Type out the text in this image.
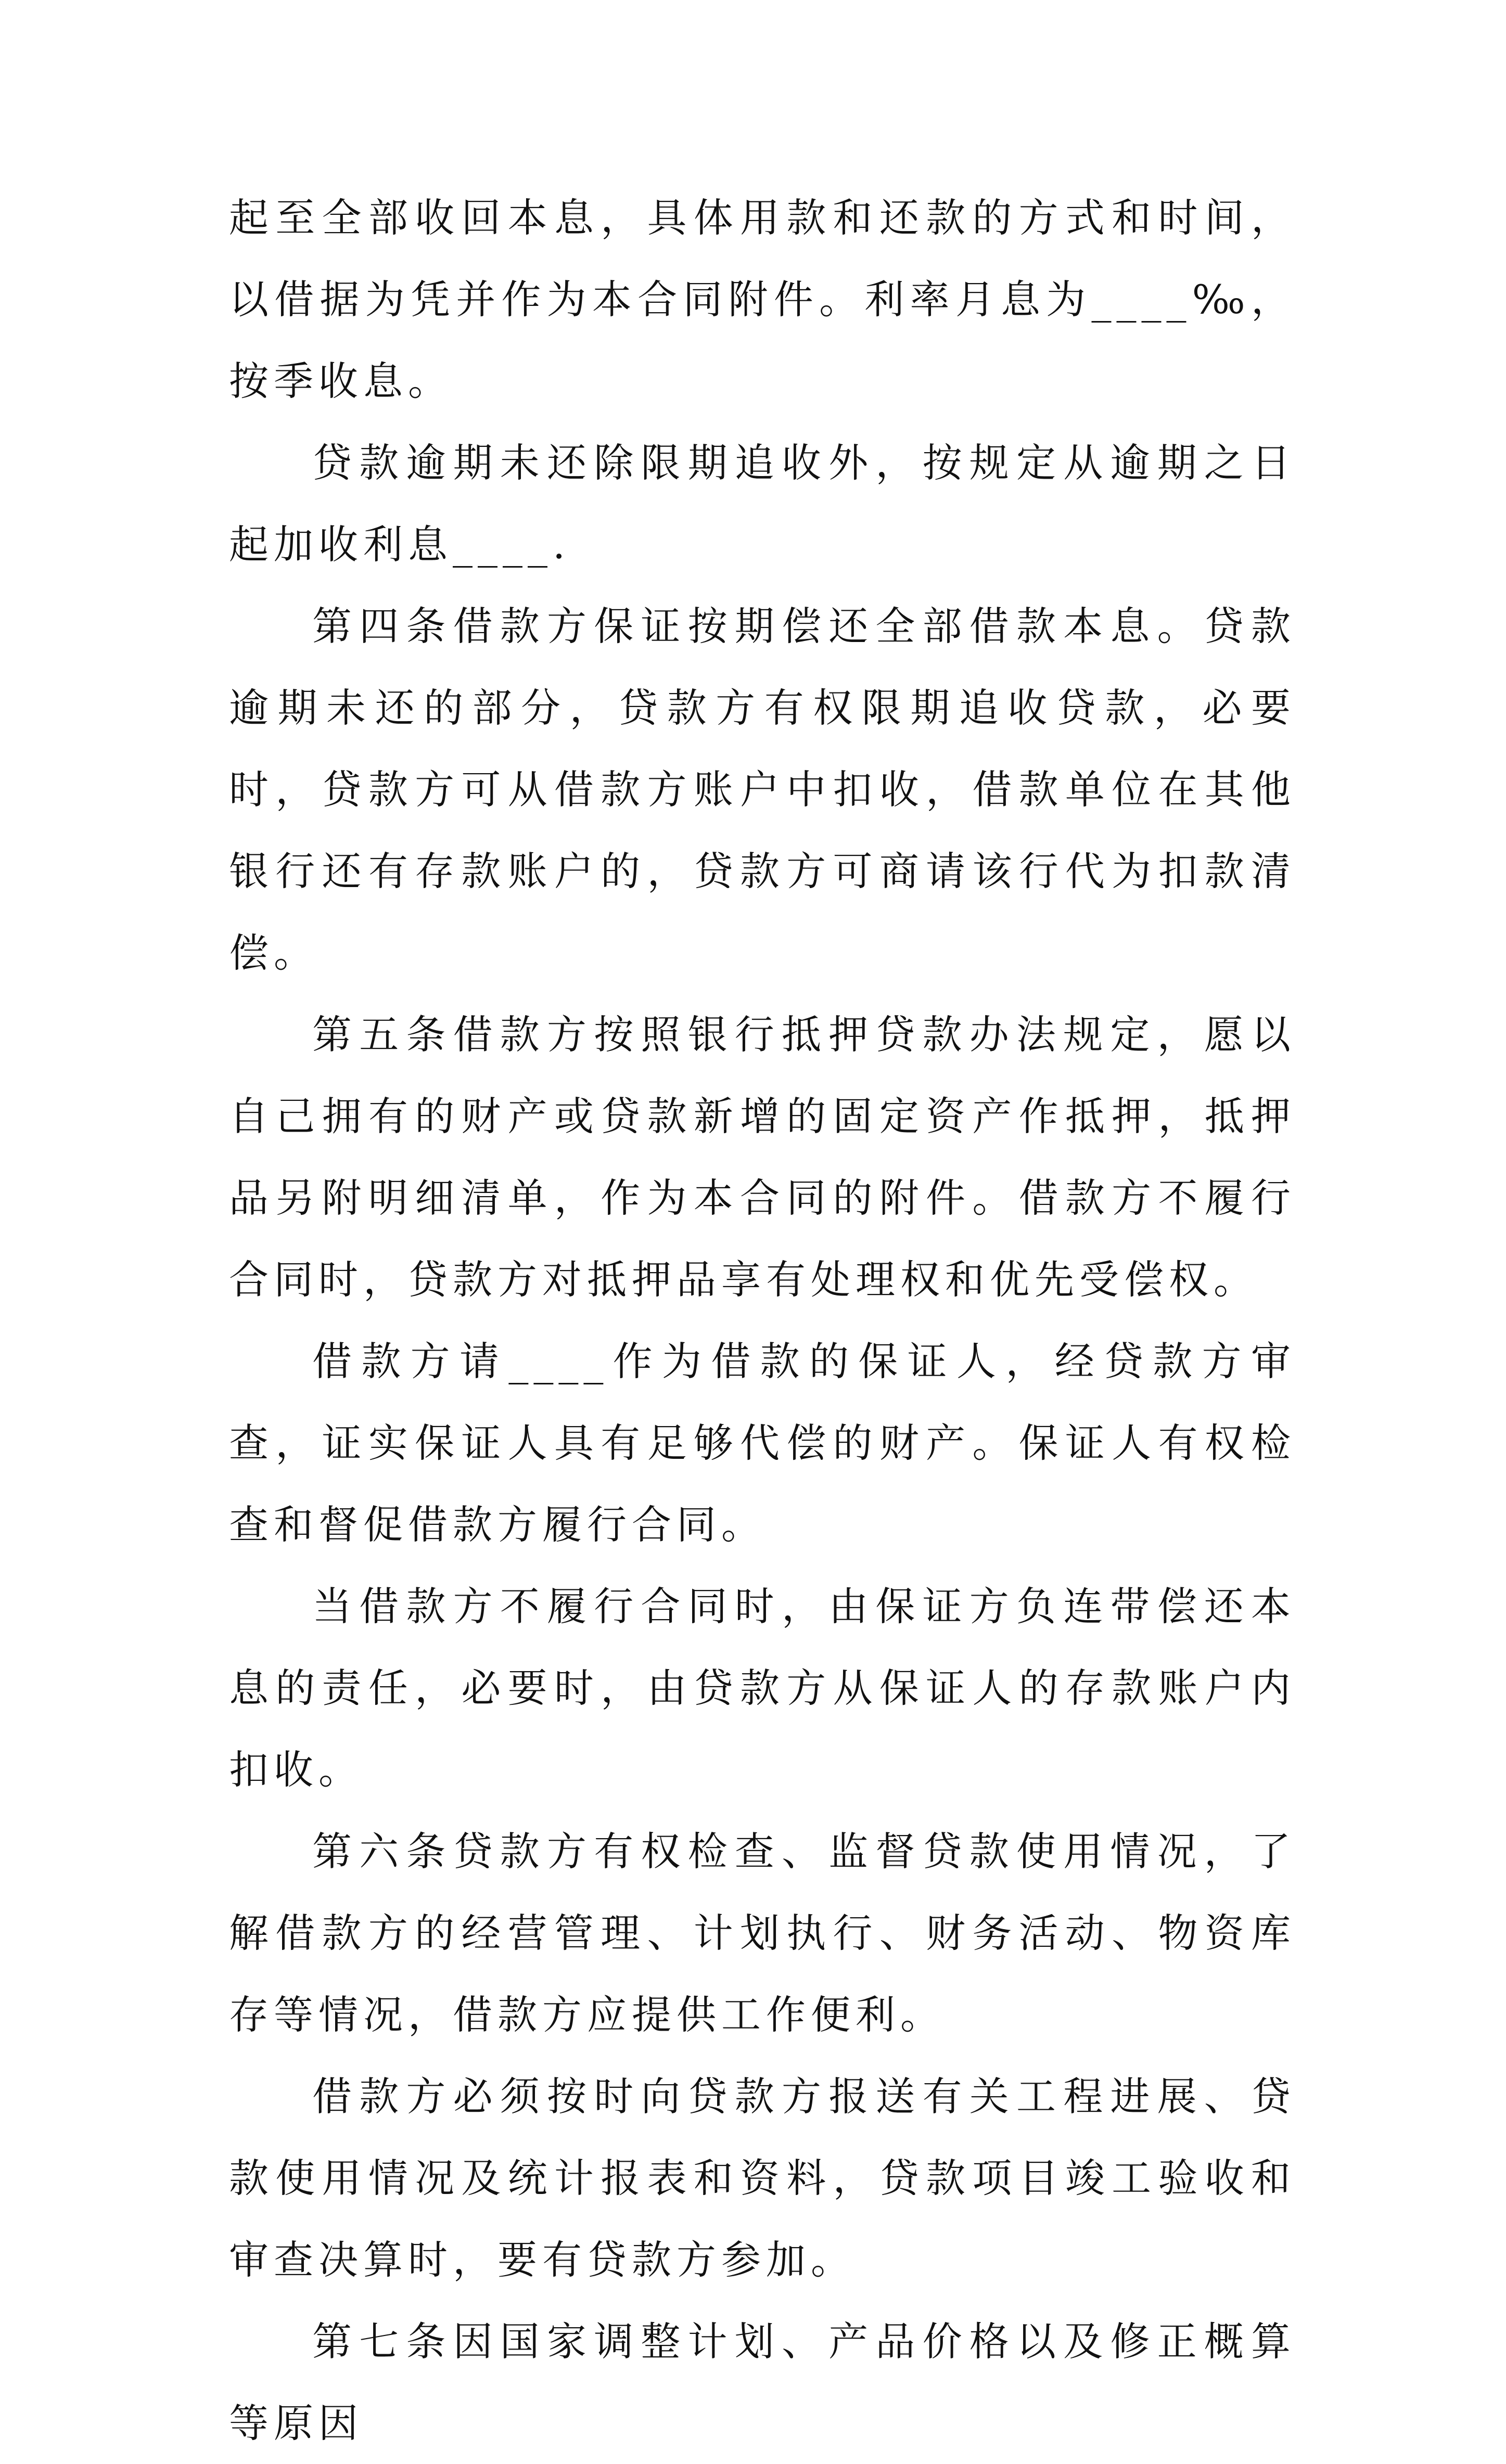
起至全部收回本息，具体用款和还款的方式和时间，以借据为凭并作为本合同附件。利率月息为____‰，按季收息。

贷款逾期未还除限期追收外，按规定从逾期之日起加收利息____.

第四条借款方保证按期偿还全部借款本息。贷款逾期未还的部分，贷款方有权限期追收贷款，必要时，贷款方可从借款方账户中扣收，借款单位在其他银行还有存款账户的，贷款方可商请该行代为扣款清偿。

第五条借款方按照银行抵押贷款办法规定，愿以自己拥有的财产或贷款新增的固定资产作抵押，抵押品另附明细清单，作为本合同的附件。借款方不履行合同时，贷款方对抵押品享有处理权和优先受偿权。

借款方请____作为借款的保证人，经贷款方审查，证实保证人具有足够代偿的财产。保证人有权检查和督促借款方履行合同。

当借款方不履行合同时，由保证方负连带偿还本息的责任，必要时，由贷款方从保证人的存款账户内扣收。

第六条贷款方有权检查、监督贷款使用情况，了解借款方的经营管理、计划执行、财务活动、物资库存等情况，借款方应提供工作便利。

借款方必须按时向贷款方报送有关工程进展、贷款使用情况及统计报表和资料，贷款项目竣工验收和审查决算时，要有贷款方参加。

第七条因国家调整计划、产品价格以及修正概算等原因
